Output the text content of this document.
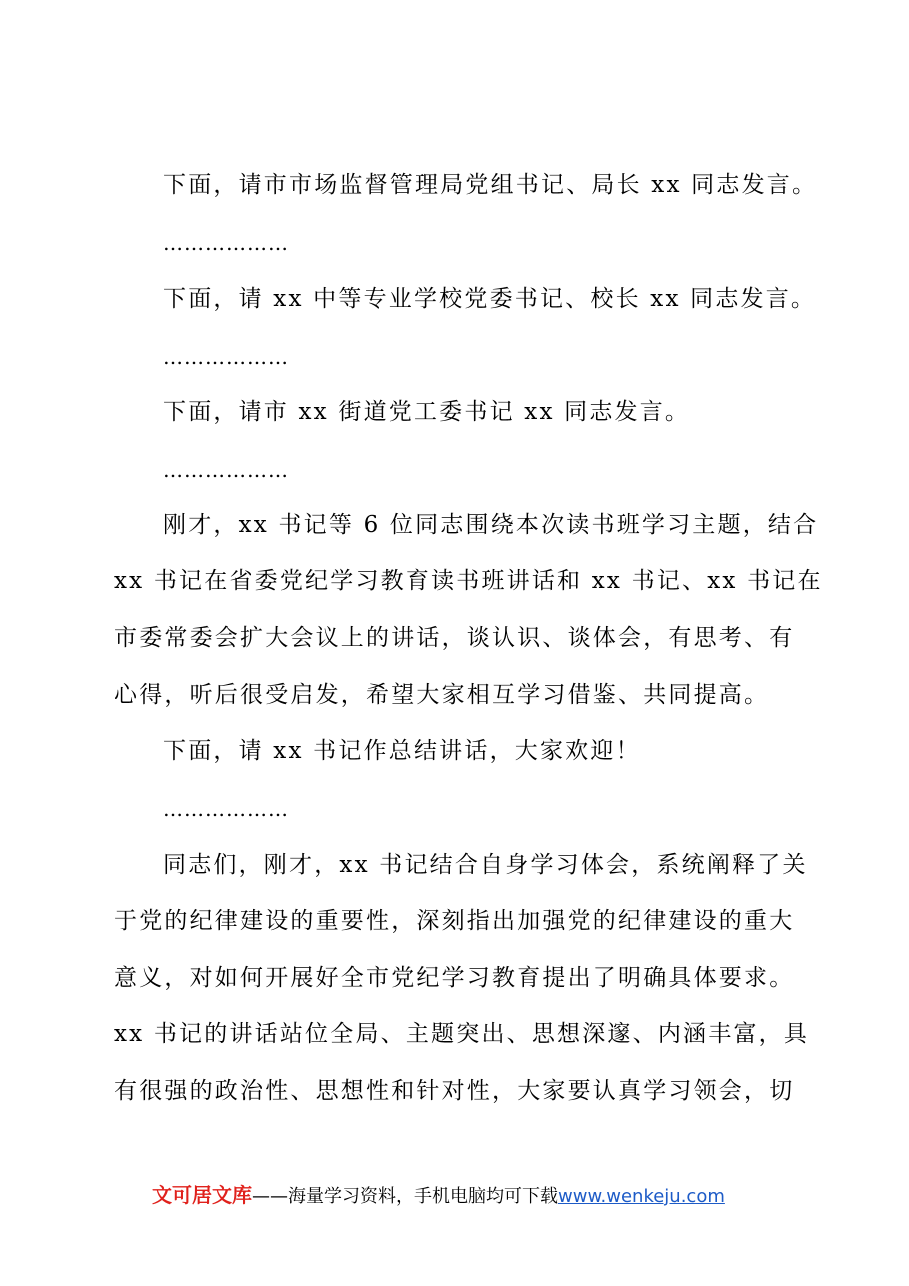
下面，请市市场监督管理局党组书记、局长 xx 同志发言。
………………
下面，请 xx 中等专业学校党委书记、校长 xx 同志发言。
………………
下面，请市 xx 街道党工委书记 xx 同志发言。
………………
刚才，xx 书记等 6 位同志围绕本次读书班学习主题，结合
xx 书记在省委党纪学习教育读书班讲话和 xx 书记、xx 书记在
市委常委会扩大会议上的讲话，谈认识、谈体会，有思考、有
心得，听后很受启发，希望大家相互学习借鉴、共同提高。
下面，请 xx 书记作总结讲话，大家欢迎！
………………
同志们，刚才，xx 书记结合自身学习体会，系统阐释了关
于党的纪律建设的重要性，深刻指出加强党的纪律建设的重大
意义，对如何开展好全市党纪学习教育提出了明确具体要求。
xx 书记的讲话站位全局、主题突出、思想深邃、内涵丰富，具
有很强的政治性、思想性和针对性，大家要认真学习领会，切
文可居文库——海量学习资料，手机电脑均可下载www.wenkeju.com
